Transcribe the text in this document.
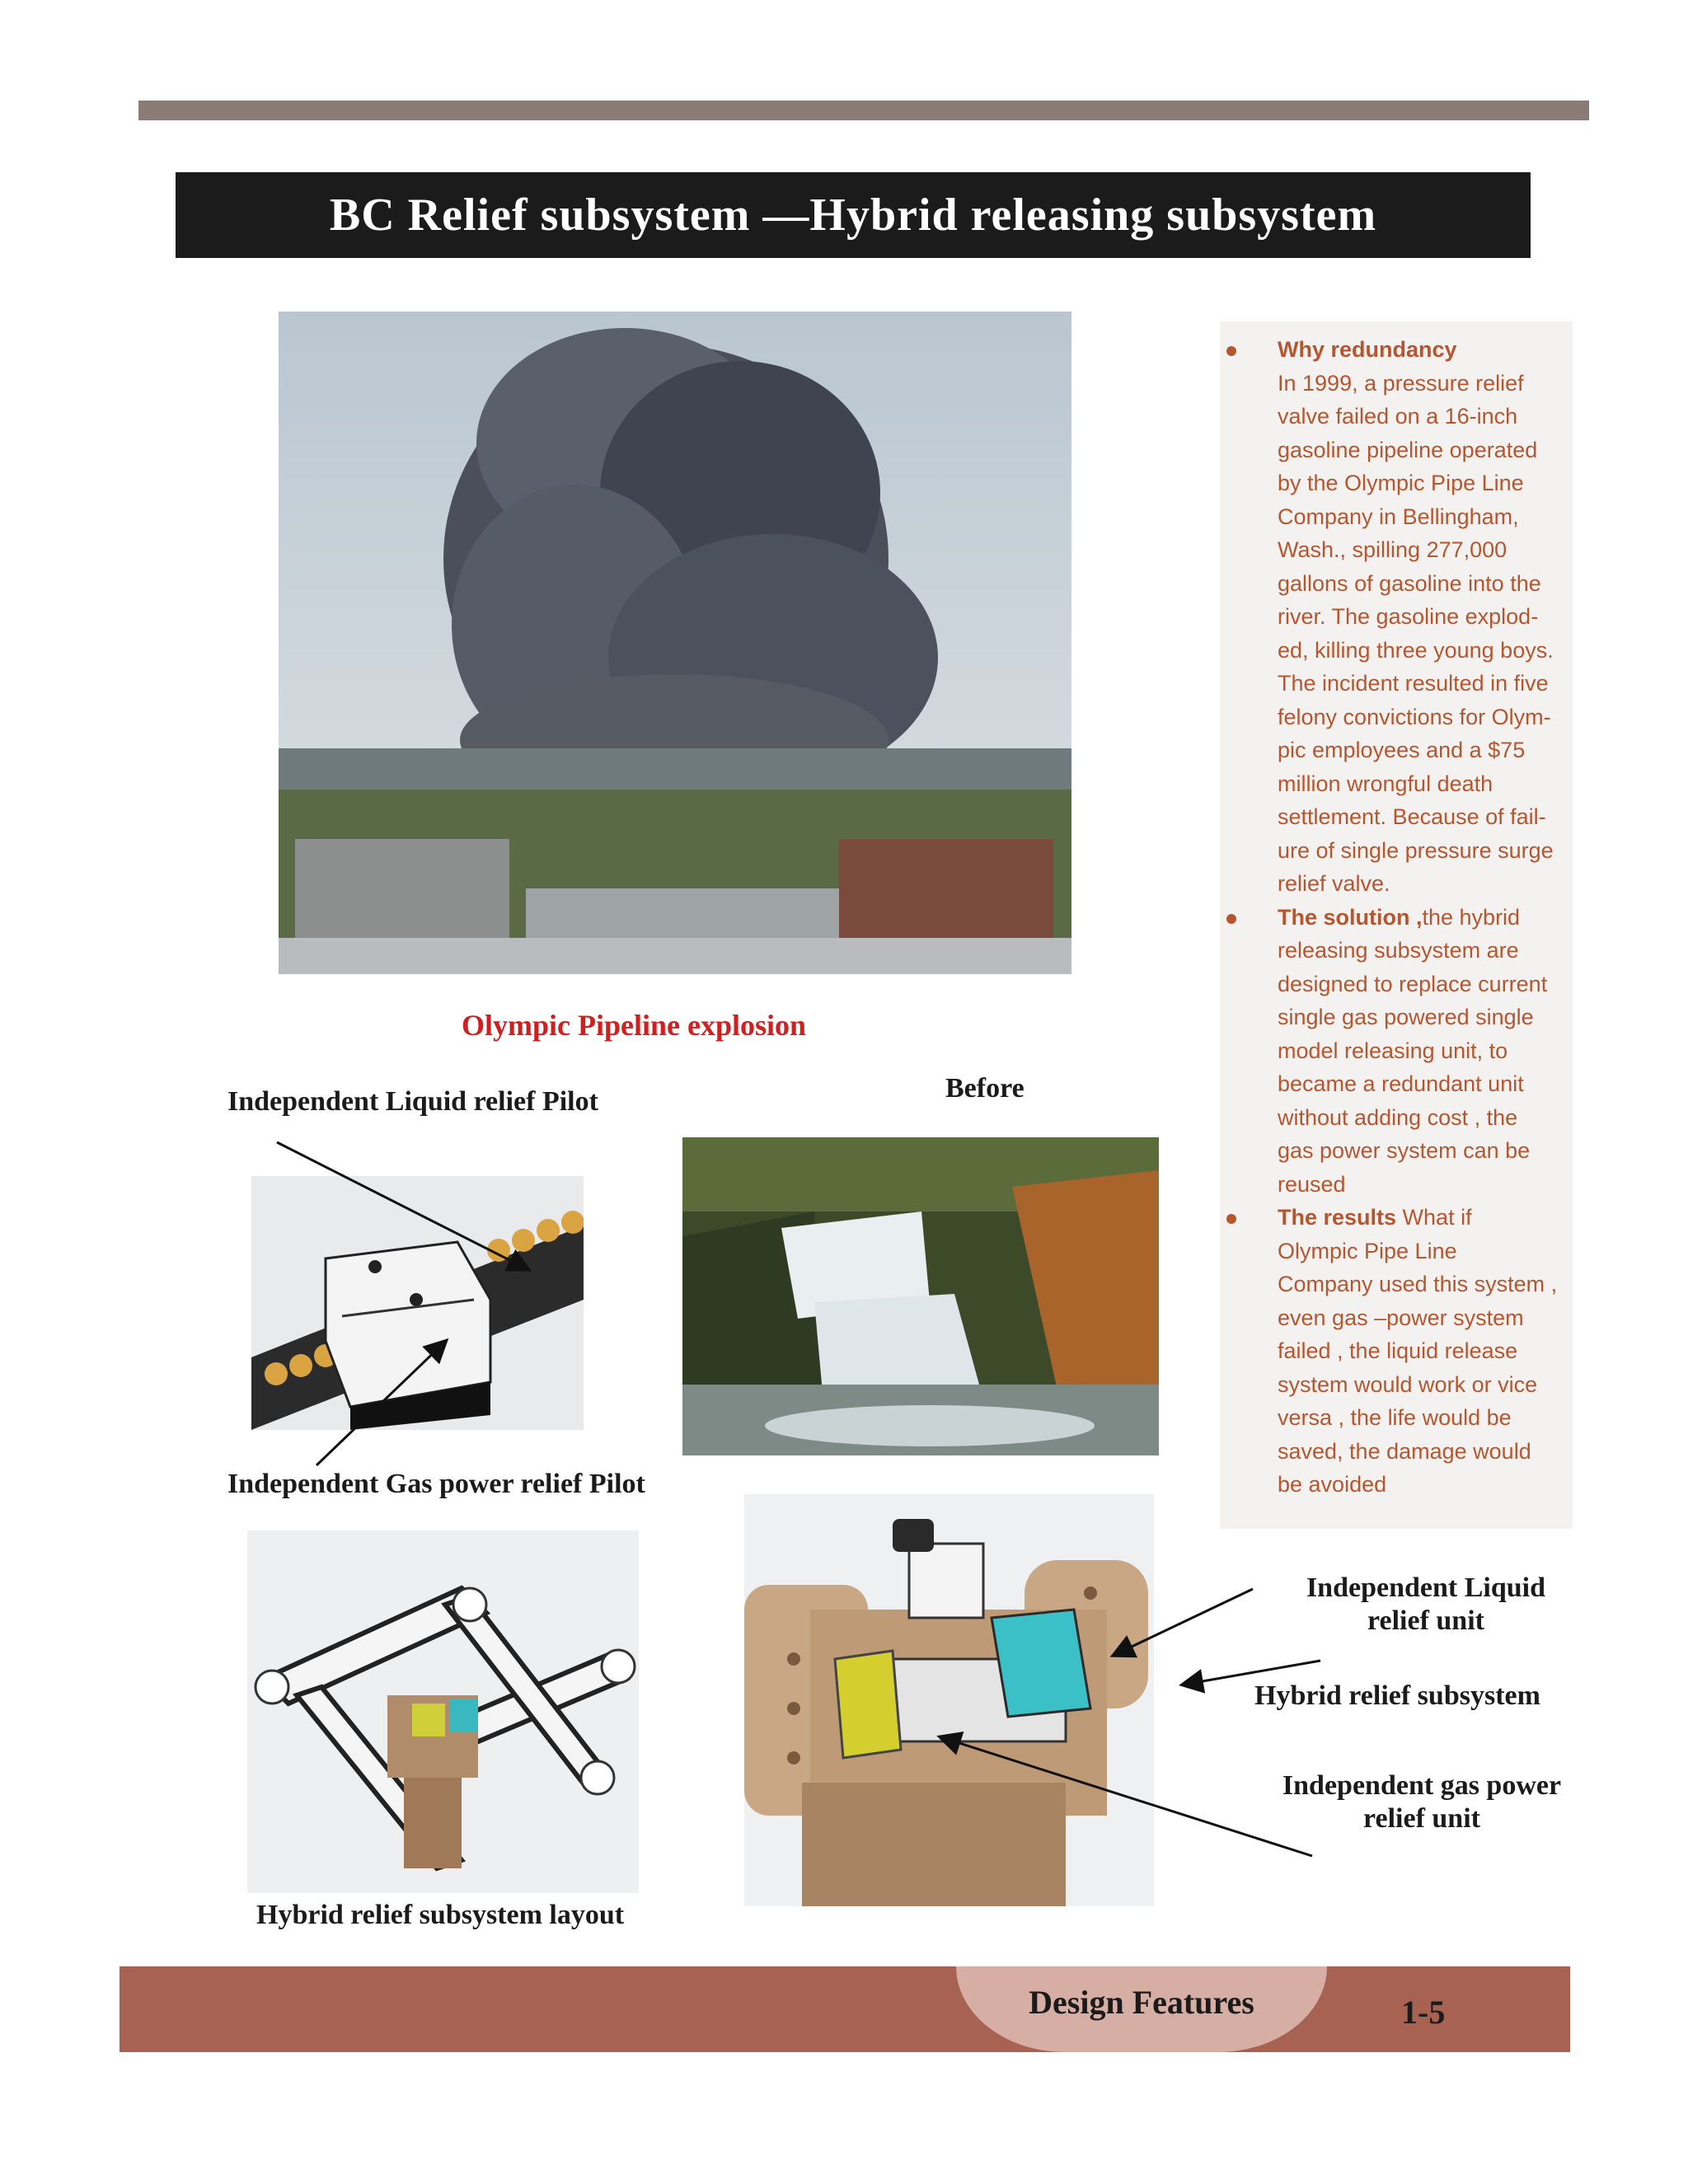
BC Relief subsystem —Hybrid releasing subsystem
Olympic Pipeline explosion
Before
Independent Liquid relief Pilot
Independent Gas power relief Pilot
Hybrid relief subsystem layout
Independent Liquid
relief unit
Hybrid relief subsystem
Independent gas power
relief unit
Why redundancy
In 1999, a pressure relief valve failed on a 16-inch gasoline pipeline operated by the Olympic Pipe Line Company in Bellingham, Wash., spilling 277,000 gallons of gasoline into the river. The gasoline explod-ed, killing three young boys. The incident resulted in five felony convictions for Olym-pic employees and a $75 million wrongful death settlement. Because of fail-ure of single pressure surge relief valve.
The solution ,the hybrid releasing subsystem are designed to replace current single gas powered single model releasing unit, to became a redundant unit without adding cost , the gas power system can be reused
The results What if Olympic Pipe Line Company used this system , even gas –power system failed , the liquid release system would work or vice versa , the life would be saved, the damage would be avoided
Design Features	1-5
